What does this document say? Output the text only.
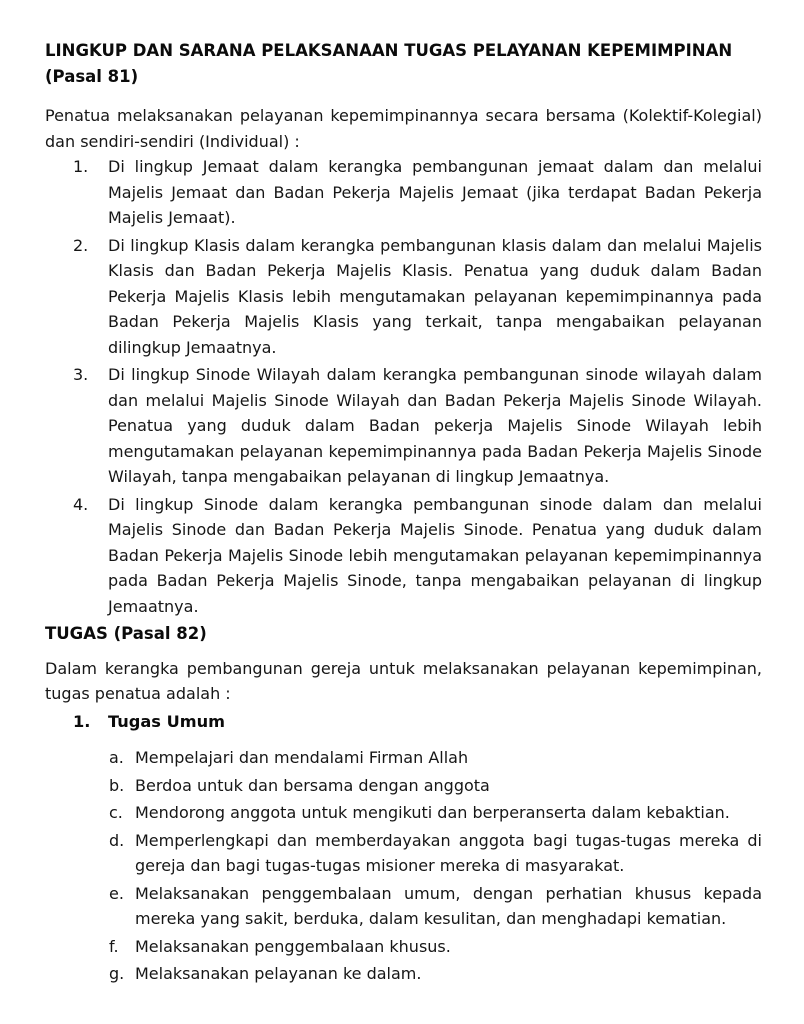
LINGKUP DAN SARANA PELAKSANAAN TUGAS PELAYANAN KEPEMIMPINAN
(Pasal 81)

Penatua melaksanakan pelayanan kepemimpinannya secara bersama (Kolektif-Kolegial) dan sendiri-sendiri (Individual) :

1. Di lingkup Jemaat dalam kerangka pembangunan jemaat dalam dan melalui Majelis Jemaat dan Badan Pekerja Majelis Jemaat (jika terdapat Badan Pekerja Majelis Jemaat).
2. Di lingkup Klasis dalam kerangka pembangunan klasis dalam dan melalui Majelis Klasis dan Badan Pekerja Majelis Klasis. Penatua yang duduk dalam Badan Pekerja Majelis Klasis lebih mengutamakan pelayanan kepemimpinannya pada Badan Pekerja Majelis Klasis yang terkait, tanpa mengabaikan pelayanan dilingkup Jemaatnya.
3. Di lingkup Sinode Wilayah dalam kerangka pembangunan sinode wilayah dalam dan melalui Majelis Sinode Wilayah dan Badan Pekerja Majelis Sinode Wilayah. Penatua yang duduk dalam Badan pekerja Majelis Sinode Wilayah lebih mengutamakan pelayanan kepemimpinannya pada Badan Pekerja Majelis Sinode Wilayah, tanpa mengabaikan pelayanan di lingkup Jemaatnya.
4. Di lingkup Sinode dalam kerangka pembangunan sinode dalam dan melalui Majelis Sinode dan Badan Pekerja Majelis Sinode. Penatua yang duduk dalam Badan Pekerja Majelis Sinode lebih mengutamakan pelayanan kepemimpinannya pada Badan Pekerja Majelis Sinode, tanpa mengabaikan pelayanan di lingkup Jemaatnya.
TUGAS (Pasal 82)

Dalam kerangka pembangunan gereja untuk melaksanakan pelayanan kepemimpinan, tugas penatua adalah :

1. Tugas Umum
a. Mempelajari dan mendalami Firman Allah
b. Berdoa untuk dan bersama dengan anggota
c. Mendorong anggota untuk mengikuti dan berperanserta dalam kebaktian.
d. Memperlengkapi dan memberdayakan anggota bagi tugas-tugas mereka di gereja dan bagi tugas-tugas misioner mereka di masyarakat.
e. Melaksanakan penggembalaan umum, dengan perhatian khusus kepada mereka yang sakit, berduka, dalam kesulitan, dan menghadapi kematian.
f. Melaksanakan penggembalaan khusus.
g. Melaksanakan pelayanan ke dalam.
